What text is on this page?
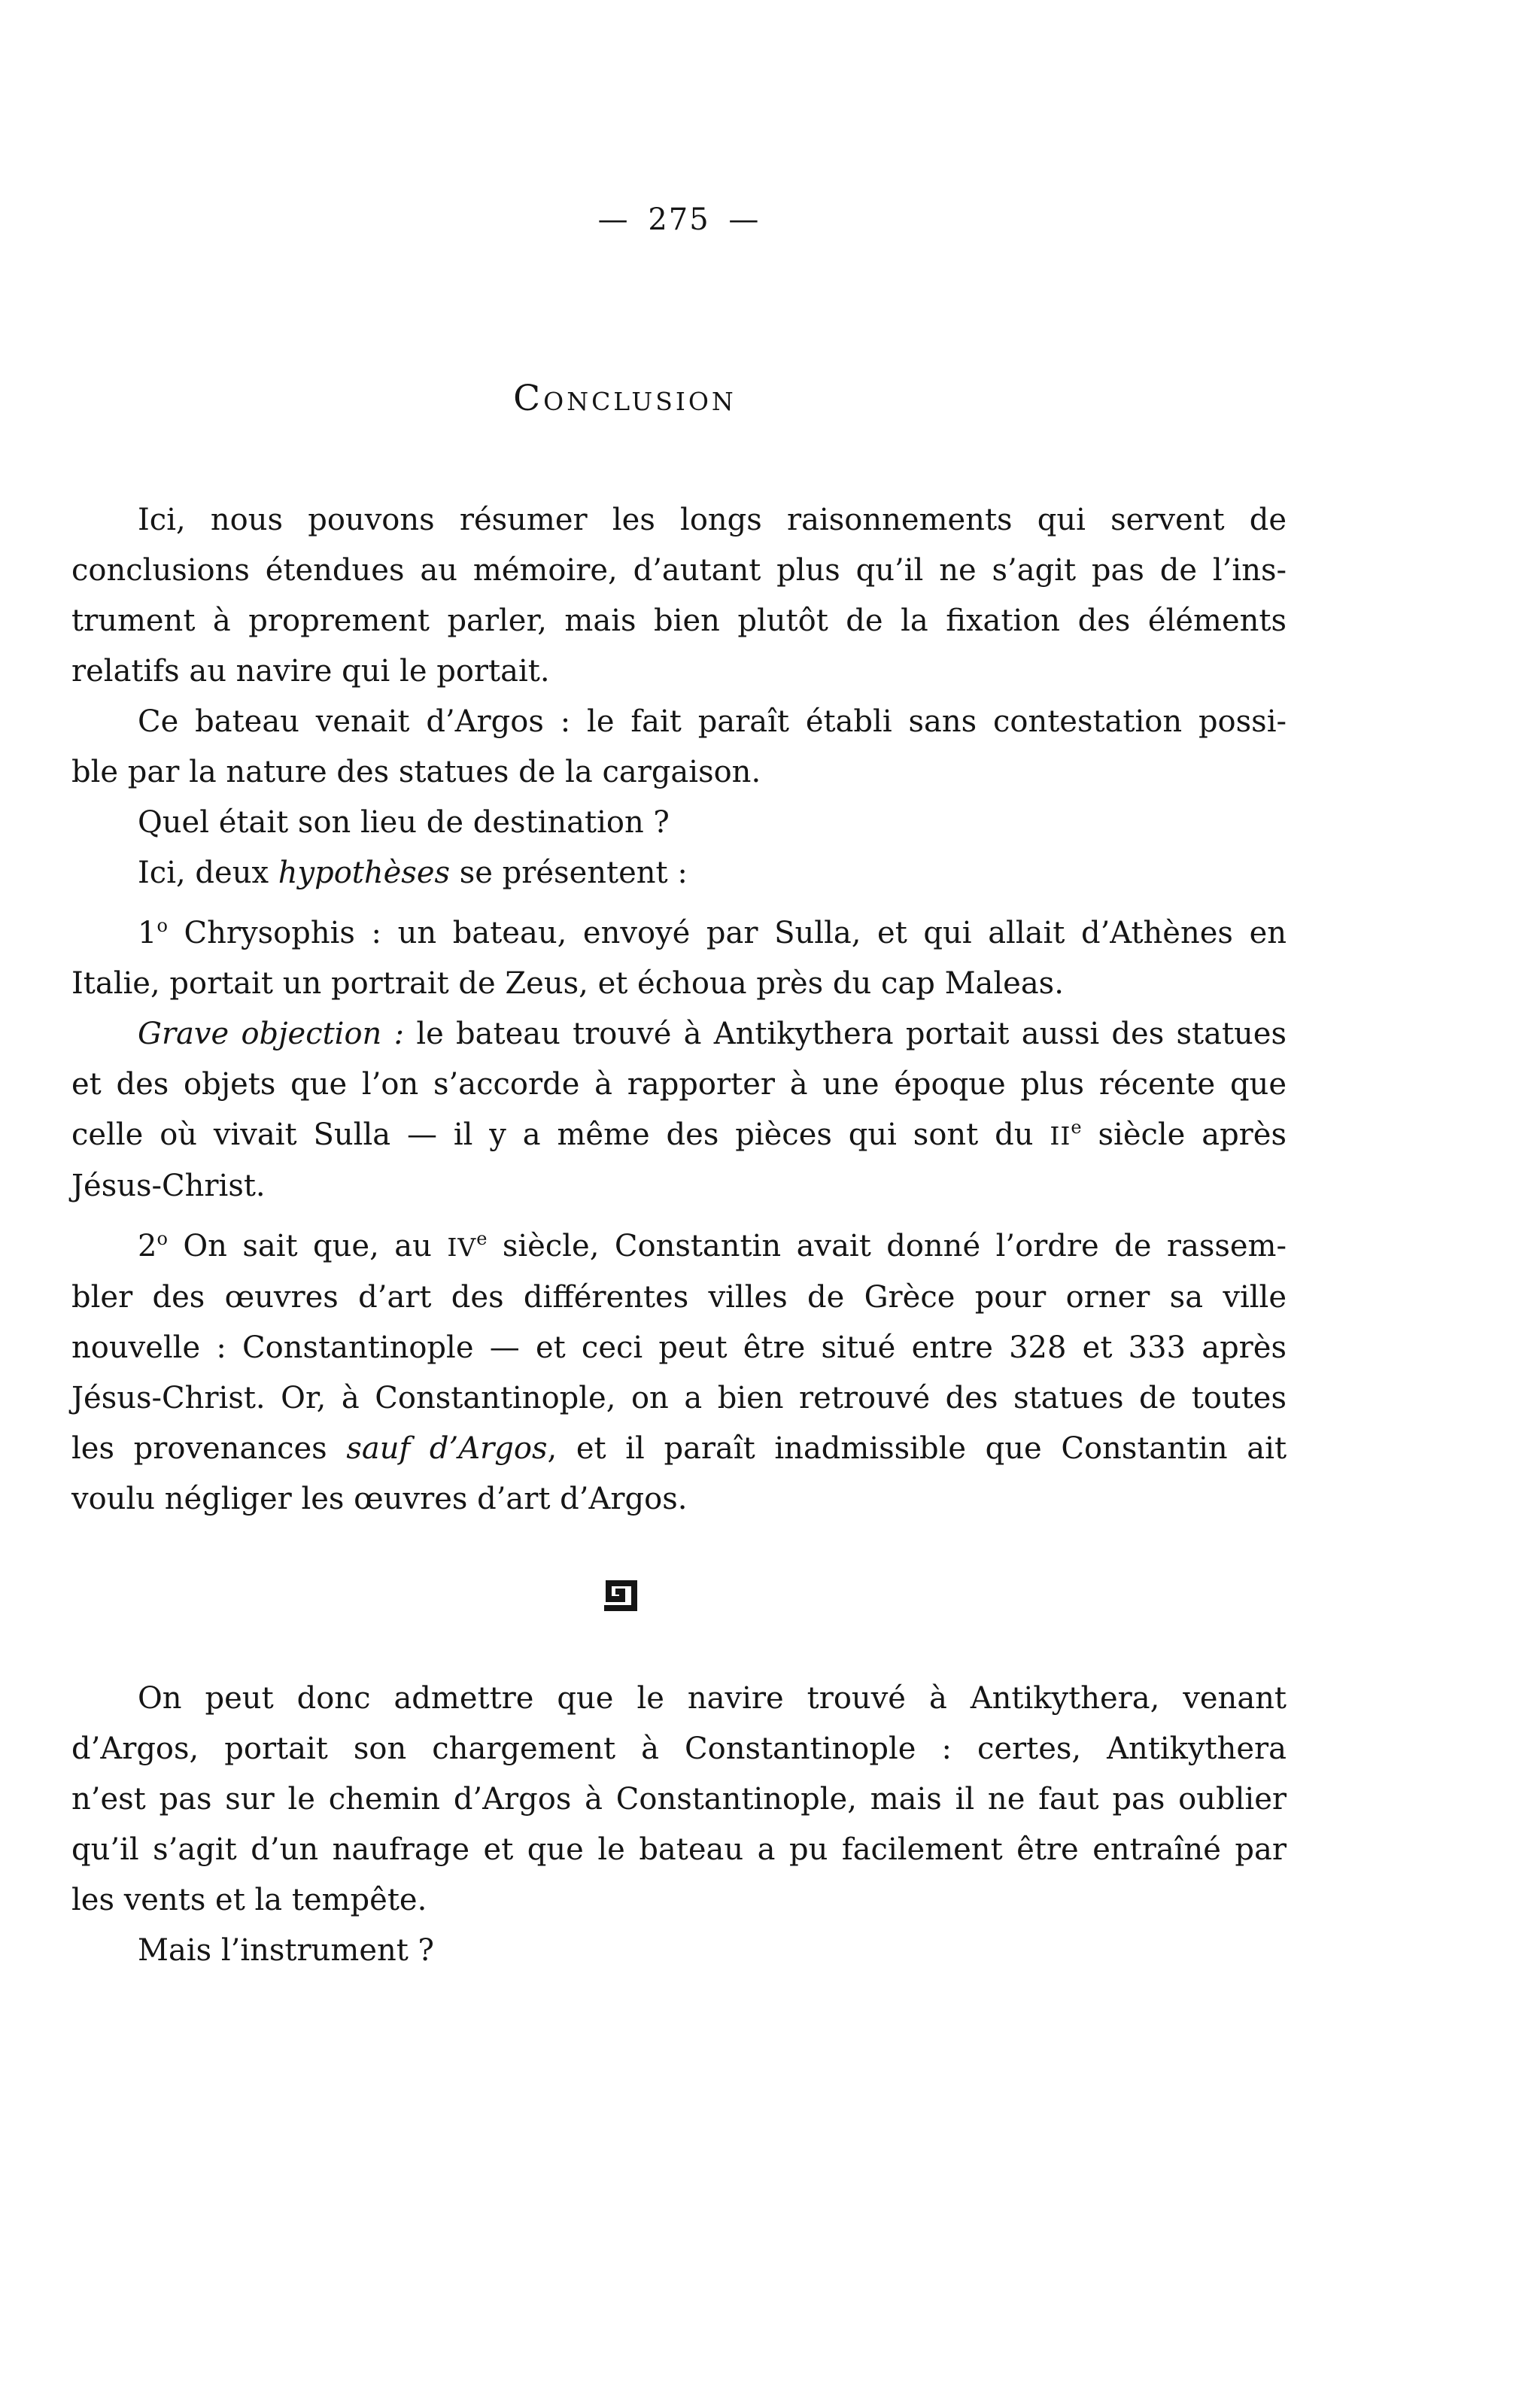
— 275 —
Conclusion
Ici, nous pouvons résumer les longs raisonnements qui servent de
conclusions étendues au mémoire, d’autant plus qu’il ne s’agit pas de l’ins-
trument à proprement parler, mais bien plutôt de la fixation des éléments
relatifs au navire qui le portait.
Ce bateau venait d’Argos : le fait paraît établi sans contestation possi-
ble par la nature des statues de la cargaison.
Quel était son lieu de destination ?
Ici, deux hypothèses se présentent :
1$^o$ Chrysophis : un bateau, envoyé par Sulla, et qui allait d’Athènes en
Italie, portait un portrait de Zeus, et échoua près du cap Maleas.
Grave objection : le bateau trouvé à Antikythera portait aussi des statues
et des objets que l’on s’accorde à rapporter à une époque plus récente que
celle où vivait Sulla — il y a même des pièces qui sont du IIe siècle après
Jésus-Christ.
2$^o$ On sait que, au IVe siècle, Constantin avait donné l’ordre de rassem-
bler des œuvres d’art des différentes villes de Grèce pour orner sa ville
nouvelle : Constantinople — et ceci peut être situé entre 328 et 333 après
Jésus-Christ. Or, à Constantinople, on a bien retrouvé des statues de toutes
les provenances sauf d’Argos, et il paraît inadmissible que Constantin ait
voulu négliger les œuvres d’art d’Argos.
On peut donc admettre que le navire trouvé à Antikythera, venant
d’Argos, portait son chargement à Constantinople : certes, Antikythera
n’est pas sur le chemin d’Argos à Constantinople, mais il ne faut pas oublier
qu’il s’agit d’un naufrage et que le bateau a pu facilement être entraîné par
les vents et la tempête.
Mais l’instrument ?
